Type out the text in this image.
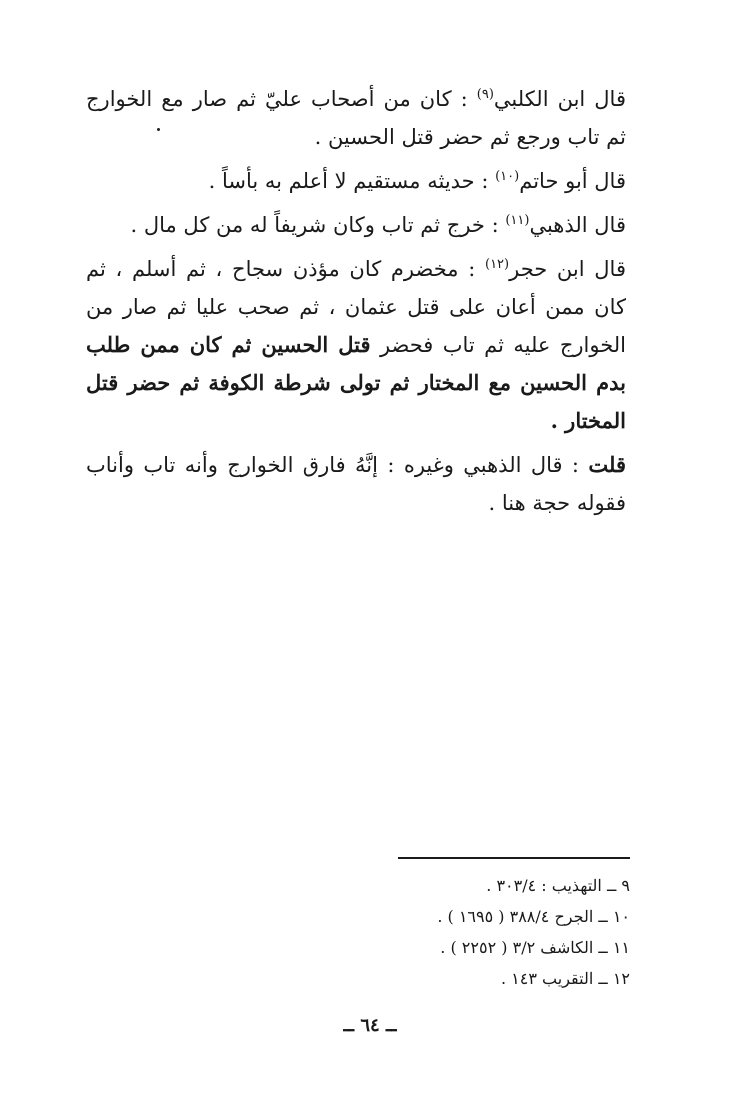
قال ابن الكلبي$^{(٩)}$ : كان من أصحاب عليّ ثم صار مع الخوارج ثم تاب ورجع ثم حضر قتل الحسين .

قال أبو حاتم$^{(١٠)}$ : حديثه مستقيم لا أعلم به بأساً .

قال الذهبي$^{(١١)}$ : خرج ثم تاب وكان شريفاً له من كل مال .

قال ابن حجر$^{(١٢)}$ : مخضرم كان مؤذن سجاح ، ثم أسلم ، ثم كان ممن أعان على قتل عثمان ، ثم صحب عليا ثم صار من الخوارج عليه ثم تاب فحضر قتل الحسين ثم كان ممن طلب بدم الحسين مع المختار ثم تولى شرطة الكوفة ثم حضر قتل المختار .

قلت : قال الذهبي وغيره : إنَّهُ فارق الخوارج وأنه تاب وأناب فقوله حجة هنا .

٩ ــ التهذيب : ٣٠٣/٤ .
١٠ ــ الجرح ٣٨٨/٤ ( ١٦٩٥ ) .
١١ ــ الكاشف ٣/٢ ( ٢٢٥٢ ) .
١٢ ــ التقريب ١٤٣ .
ــ ٦٤ ــ
